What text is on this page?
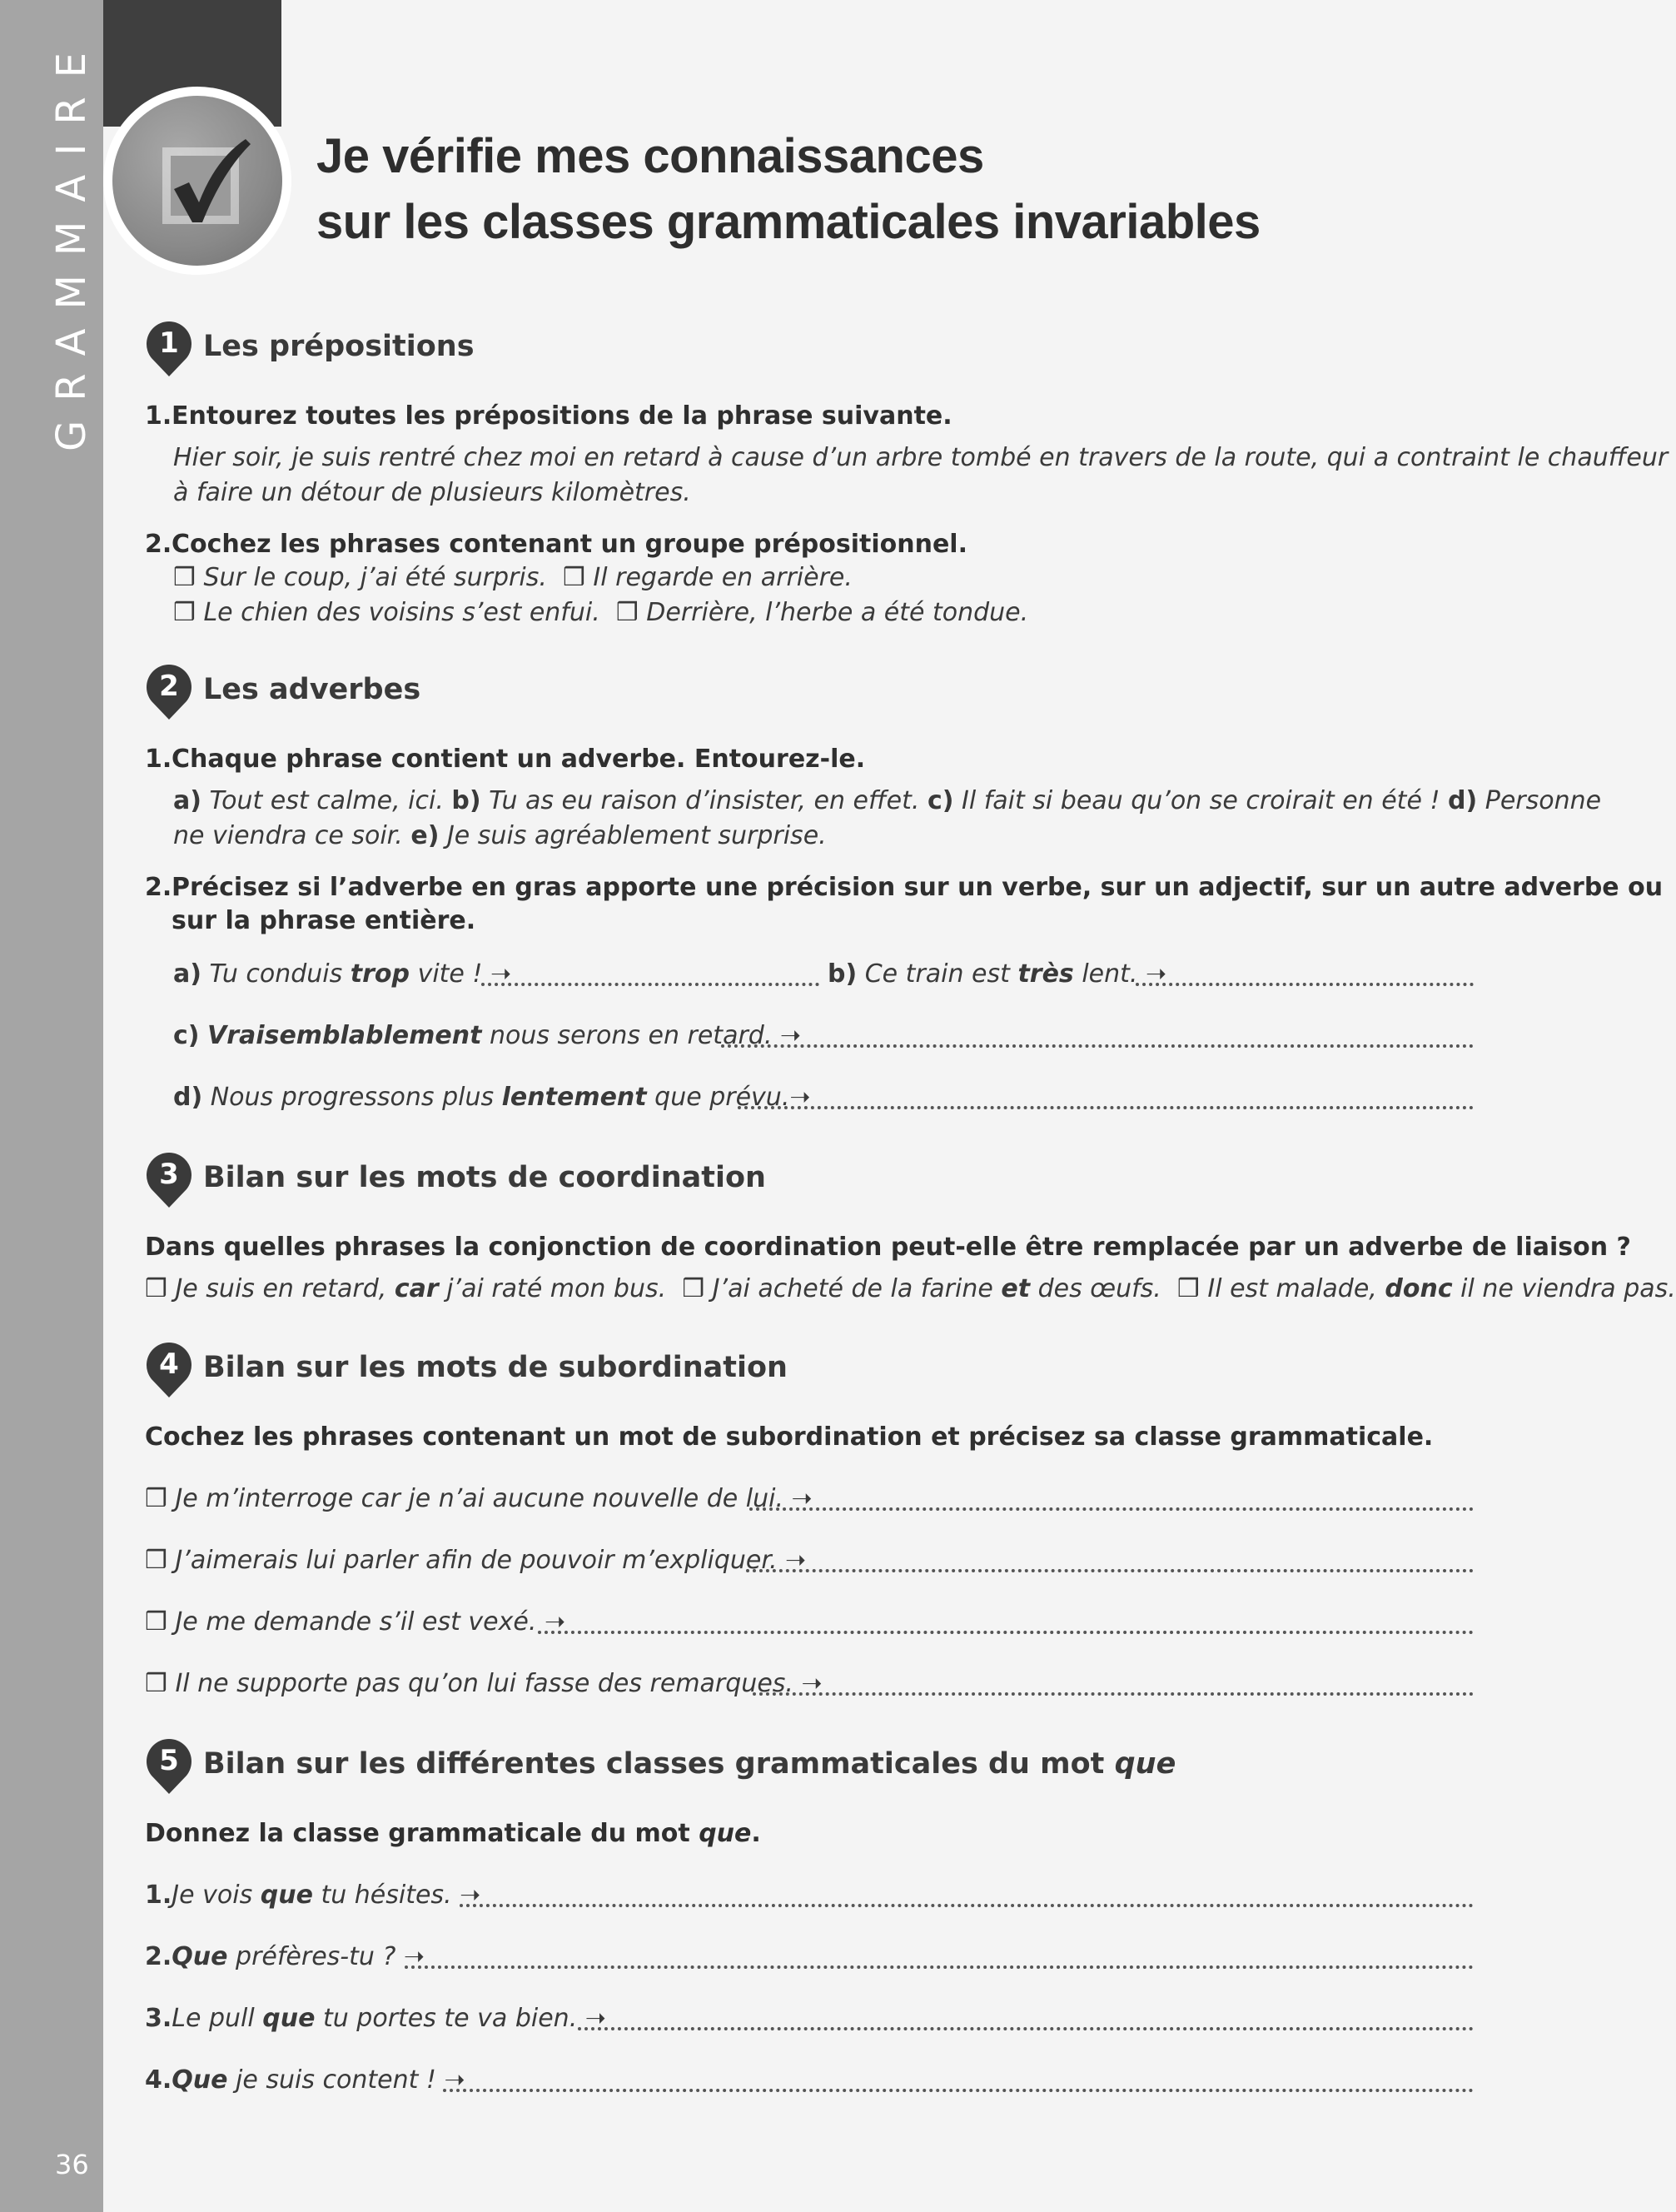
GRAMMAIRE
36
Je vérifie mes connaissances
sur les classes grammaticales invariables
1 Les prépositions
1.Entourez toutes les prépositions de la phrase suivante.
Hier soir, je suis rentré chez moi en retard à cause d’un arbre tombé en travers de la route, qui a contraint le chauffeur
à faire un détour de plusieurs kilomètres.
2.Cochez les phrases contenant un groupe prépositionnel.
❒ Sur le coup, j’ai été surpris. ❒ Il regarde en arrière.
❒ Le chien des voisins s’est enfui. ❒ Derrière, l’herbe a été tondue.
2 Les adverbes
1.Chaque phrase contient un adverbe. Entourez-le.
a) Tout est calme, ici. b) Tu as eu raison d’insister, en effet. c) Il fait si beau qu’on se croirait en été ! d) Personne
ne viendra ce soir. e) Je suis agréablement surprise.
2.Précisez si l’adverbe en gras apporte une précision sur un verbe, sur un adjectif, sur un autre adverbe ou
sur la phrase entière.
a) Tu conduis trop vite ! ➝	b) Ce train est très lent. ➝
c) Vraisemblablement nous serons en retard. ➝
d) Nous progressons plus lentement que prévu.➝
3 Bilan sur les mots de coordination
Dans quelles phrases la conjonction de coordination peut-elle être remplacée par un adverbe de liaison ?
❒ Je suis en retard, car j’ai raté mon bus. ❒ J’ai acheté de la farine et des œufs. ❒ Il est malade, donc il ne viendra pas.
4 Bilan sur les mots de subordination
Cochez les phrases contenant un mot de subordination et précisez sa classe grammaticale.
❒ Je m’interroge car je n’ai aucune nouvelle de lui. ➝
❒ J’aimerais lui parler afin de pouvoir m’expliquer. ➝
❒ Je me demande s’il est vexé. ➝
❒ Il ne supporte pas qu’on lui fasse des remarques. ➝
5 Bilan sur les différentes classes grammaticales du mot que
Donnez la classe grammaticale du mot que.
1.Je vois que tu hésites. ➝
2.Que préfères-tu ? ➝
3.Le pull que tu portes te va bien. ➝
4.Que je suis content ! ➝
